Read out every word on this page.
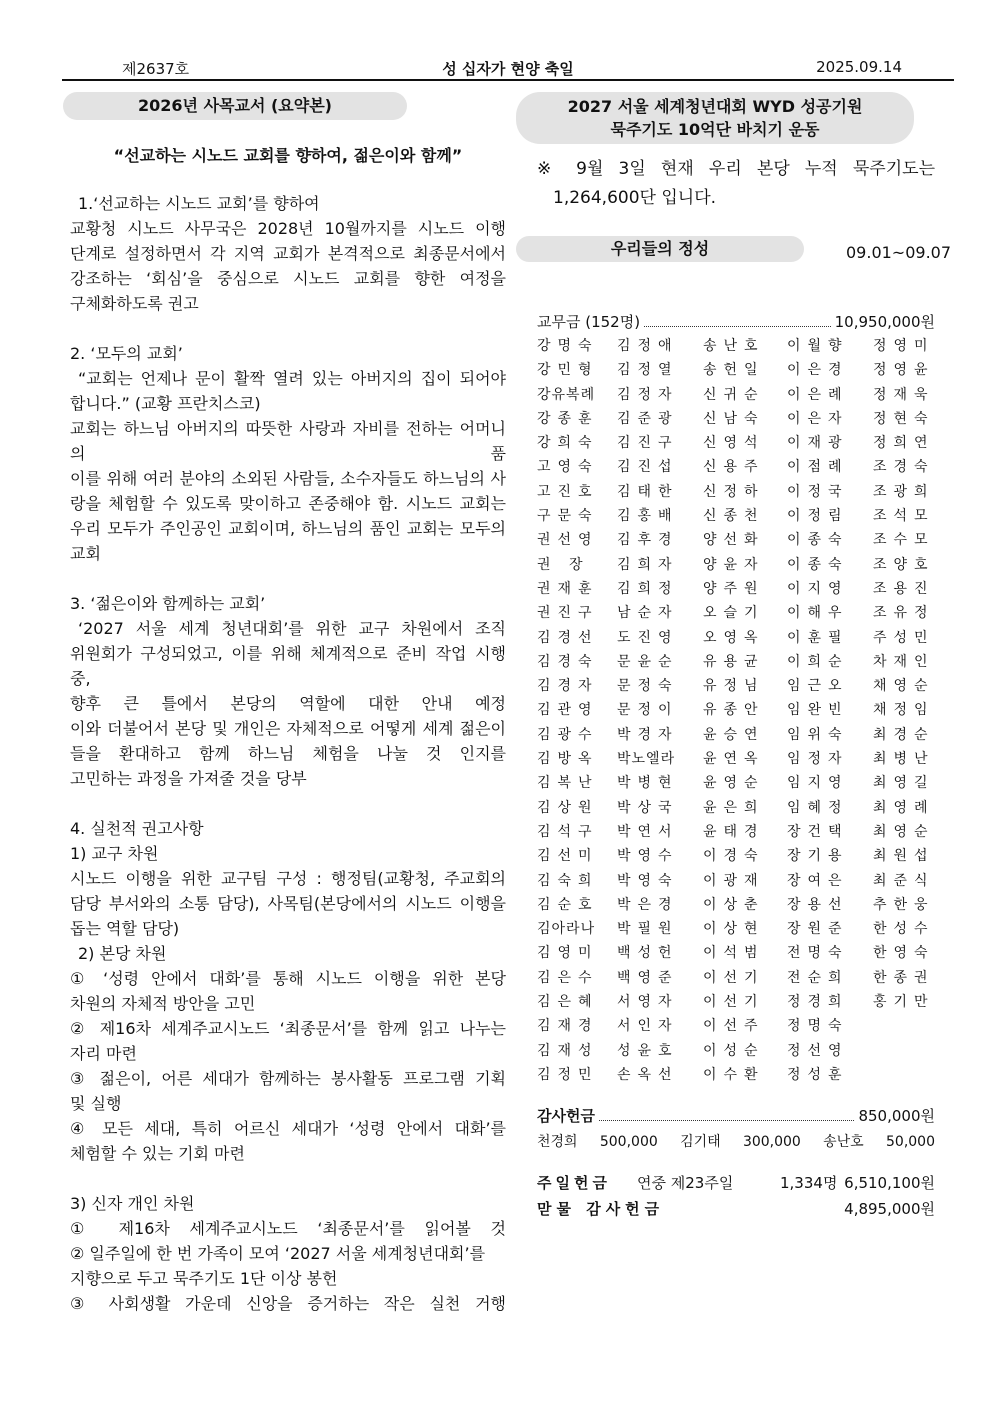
제2637호	성 십자가 현양 축일	2025.09.14
2026년 사목교서 (요약본)

“선교하는 시노드 교회를 향하여, 젊은이와 함께”

1.‘선교하는 시노드 교회’를 향하여

교황청 시노드 사무국은 2028년 10월까지를 시노드 이행

단계로 설정하면서 각 지역 교회가 본격적으로 최종문서에서

강조하는 ‘회심’을 중심으로 시노드 교회를 향한 여정을

구체화하도록 권고

2. ‘모두의 교회’

“교회는 언제나 문이 활짝 열려 있는 아버지의 집이 되어야

합니다.” (교황 프란치스코)

교회는 하느님 아버지의 따뜻한 사랑과 자비를 전하는 어머니의 품

이를 위해 여러 분야의 소외된 사람들, 소수자들도 하느님의 사

랑을 체험할 수 있도록 맞이하고 존중해야 함. 시노드 교회는

우리 모두가 주인공인 교회이며, 하느님의 품인 교회는 모두의

교회

3. ‘젊은이와 함께하는 교회’

‘2027 서울 세계 청년대회’를 위한 교구 차원에서 조직

위원회가 구성되었고, 이를 위해 체계적으로 준비 작업 시행 중,

향후 큰 틀에서 본당의 역할에 대한 안내 예정

이와 더불어서 본당 및 개인은 자체적으로 어떻게 세계 젊은이

들을 환대하고 함께 하느님 체험을 나눌 것 인지를

고민하는 과정을 가져줄 것을 당부

4. 실천적 권고사항

1) 교구 차원

시노드 이행을 위한 교구팀 구성 : 행정팀(교황청, 주교회의

담당 부서와의 소통 담당), 사목팀(본당에서의 시노드 이행을

돕는 역할 담당)

2) 본당 차원

① ‘성령 안에서 대화’를 통해 시노드 이행을 위한 본당

차원의 자체적 방안을 고민

② 제16차 세계주교시노드 ‘최종문서’를 함께 읽고 나누는

자리 마련

③ 젊은이, 어른 세대가 함께하는 봉사활동 프로그램 기획

및 실행

④ 모든 세대, 특히 어르신 세대가 ‘성령 안에서 대화’를

체험할 수 있는 기회 마련

3) 신자 개인 차원

① 제16차 세계주교시노드 ‘최종문서’를 읽어볼 것

② 일주일에 한 번 가족이 모여 ‘2027 서울 세계청년대회’를

지향으로 두고 묵주기도 1단 이상 봉헌

③ 사회생활 가운데 신앙을 증거하는 작은 실천 거행

2027 서울 세계청년대회 WYD 성공기원
묵주기도 10억단 바치기 운동
※ 9월 3일 현재 우리 본당 누적 묵주기도는
1,264,600단 입니다.
우리들의 정성	09.01~09.07
교무금 (152명)	10,950,000원
강명숙	김정애	송난호	이월향	정영미
강민형	김정열	송헌일	이은경	정영윤
강유복례	김정자	신귀순	이은례	정재욱
강종훈	김준광	신남숙	이은자	정현숙
강희숙	김진구	신영석	이재광	정희연
고영숙	김진섭	신용주	이점례	조경숙
고진호	김태한	신정하	이정국	조광희
구문숙	김홍배	신종천	이정림	조석모
권선영	김후경	양선화	이종숙	조수모
권 장	김희자	양윤자	이종숙	조양호
권재훈	김희정	양주원	이지영	조용진
권진구	남순자	오슬기	이해우	조유정
김경선	도진영	오영옥	이훈필	주성민
김경숙	문윤순	유용균	이희순	차재인
김경자	문정숙	유정님	임근오	채영순
김관영	문정이	유종안	임완빈	채정임
김광수	박경자	윤승연	임위숙	최경순
김방옥	박노엘라	윤연옥	임정자	최병난
김복난	박병현	윤영순	임지영	최영길
김상원	박상국	윤은희	임혜정	최영례
김석구	박연서	윤태경	장건택	최영순
김선미	박영수	이경숙	장기용	최원섭
김숙희	박영숙	이광재	장여은	최준식
김순호	박은경	이상춘	장용선	추한웅
김아라나	박필원	이상현	장원준	한성수
김영미	백성헌	이석범	전명숙	한영숙
김은수	백영준	이선기	전순희	한종권
김은혜	서영자	이선기	정경희	홍기만
김재경	서인자	이선주	정명숙
김재성	성윤호	이성순	정선영
김정민	손옥선	이수환	정성훈
감사헌금	850,000원
천경희 500,000 김기태 300,000 송난호 50,000
주일헌금 연중 제23주일	1,334명 6,510,100원
맏물 감사헌금	4,895,000원
